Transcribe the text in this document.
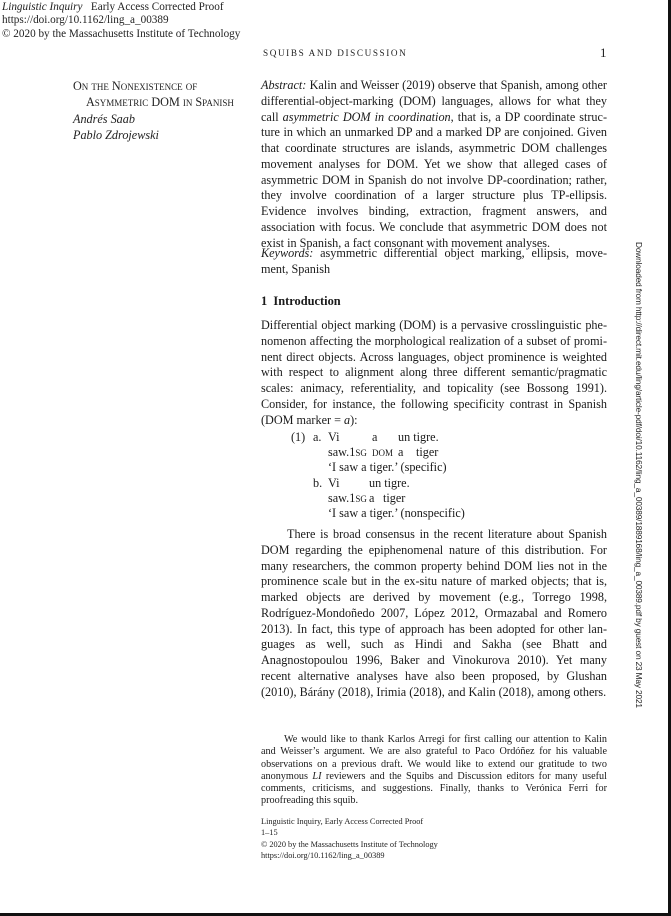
Linguistic Inquiry Early Access Corrected Proof
https://doi.org/10.1162/ling_a_00389
© 2020 by the Massachusetts Institute of Technology
SQUIBS AND DISCUSSION	1
On the Nonexistence of
Asymmetric DOM in Spanish
Andrés Saab
Pablo Zdrojewski

Abstract: Kalin and Weisser (2019) observe that Spanish, among other differential-object-marking (DOM) languages, allows for what they call asymmetric DOM in coordination, that is, a DP coordinate structure in which an unmarked DP and a marked DP are conjoined. Given that coordinate structures are islands, asymmetric DOM challenges movement analyses for DOM. Yet we show that alleged cases of asymmetric DOM in Spanish do not involve DP-coordination; rather, they involve coordination of a larger structure plus TP-ellipsis. Evidence involves binding, extraction, fragment answers, and association with focus. We conclude that asymmetric DOM does not exist in Spanish, a fact consonant with movement analyses.

Keywords: asymmetric differential object marking, ellipsis, movement, Spanish

1 Introduction

Differential object marking (DOM) is a pervasive crosslinguistic phenomenon affecting the morphological realization of a subset of prominent direct objects. Across languages, object prominence is weighted with respect to alignment along three different semantic/pragmatic scales: animacy, referentiality, and topicality (see Bossong 1991). Consider, for instance, the following specificity contrast in Spanish (DOM marker = a):

(1) a. Vi	a un tigre.
saw.1sg dom a tiger
‘I saw a tiger.’ (specific)
b. Vi un tigre.
saw.1sg a tiger
‘I saw a tiger.’ (nonspecific)

There is broad consensus in the recent literature about Spanish DOM regarding the epiphenomenal nature of this distribution. For many researchers, the common property behind DOM lies not in the prominence scale but in the ex-situ nature of marked objects; that is, marked objects are derived by movement (e.g., Torrego 1998, Rodríguez-Mondoñedo 2007, López 2012, Ormazabal and Romero 2013). In fact, this type of approach has been adopted for other languages as well, such as Hindi and Sakha (see Bhatt and Anagnostopoulou 1996, Baker and Vinokurova 2010). Yet many recent alternative analyses have also been proposed, by Glushan (2010), Bárány (2018), Irimia (2018), and Kalin (2018), among others.

We would like to thank Karlos Arregi for first calling our attention to Kalin and Weisser’s argument. We are also grateful to Paco Ordóñez for his valuable observations on a previous draft. We would like to extend our gratitude to two anonymous LI reviewers and the Squibs and Discussion editors for many useful comments, criticisms, and suggestions. Finally, thanks to Verónica Ferri for proofreading this squib.

Linguistic Inquiry, Early Access Corrected Proof
1–15
© 2020 by the Massachusetts Institute of Technology
https://doi.org/10.1162/ling_a_00389
Downloaded from http://direct.mit.edu/ling/article-pdf/doi/10.1162/ling_a_00389/1889168/ling_a_00389.pdf by guest on 23 May 2021
